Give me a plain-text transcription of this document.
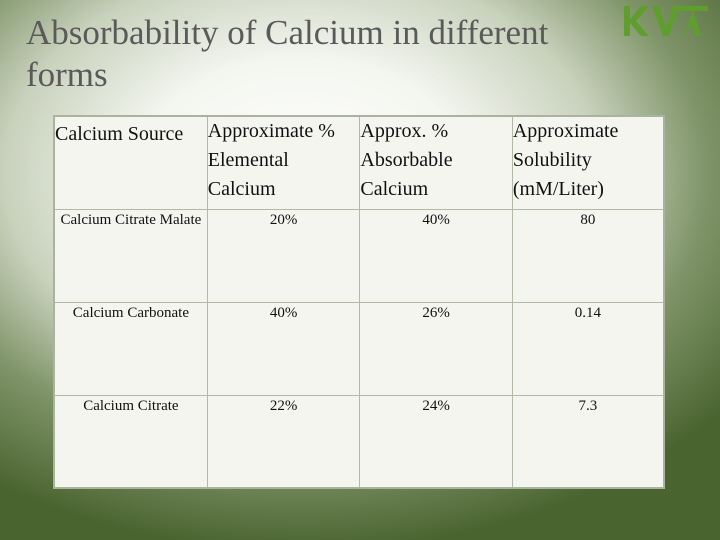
Absorbability of Calcium in different forms
Calcium Source	Approximate % Elemental Calcium	Approx. % Absorbable Calcium	Approximate Solubility (mM/Liter)
Calcium Citrate Malate	20%	40%	80
Calcium Carbonate	40%	26%	0.14
Calcium Citrate	22%	24%	7.3
